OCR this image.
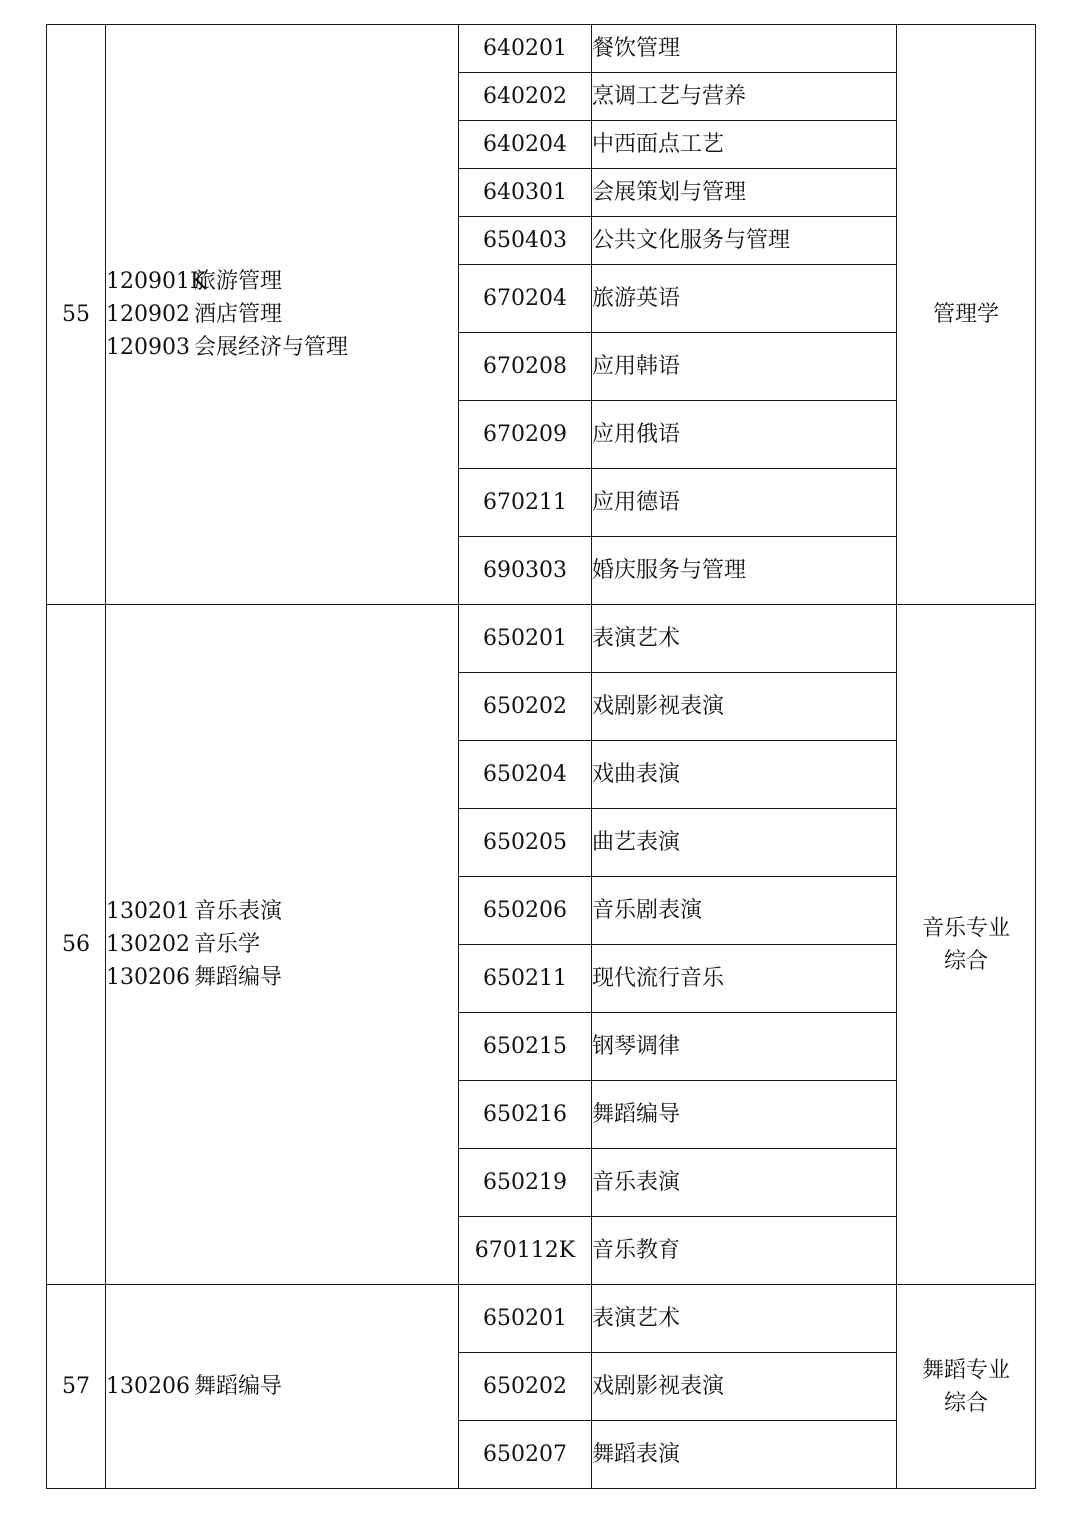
55	120901K旅游管理
120902 酒店管理
120903 会展经济与管理	640201	餐饮管理	管理学

		640202	烹调工艺与营养	
		640204	中西面点工艺	
		640301	会展策划与管理	
		650403	公共文化服务与管理	
		670204	旅游英语	
		670208	应用韩语	
		670209	应用俄语	
		670211	应用德语	
		690303	婚庆服务与管理	
56	130201 音乐表演
130202 音乐学
130206 舞蹈编导	650201	表演艺术	音乐专业
综合

		650202	戏剧影视表演	
		650204	戏曲表演	
		650205	曲艺表演	
		650206	音乐剧表演	
		650211	现代流行音乐	
		650215	钢琴调律	
		650216	舞蹈编导	
		650219	音乐表演	
		670112K	音乐教育	
57	130206 舞蹈编导	650201	表演艺术	舞蹈专业
综合

		650202	戏剧影视表演	
		650207	舞蹈表演	
